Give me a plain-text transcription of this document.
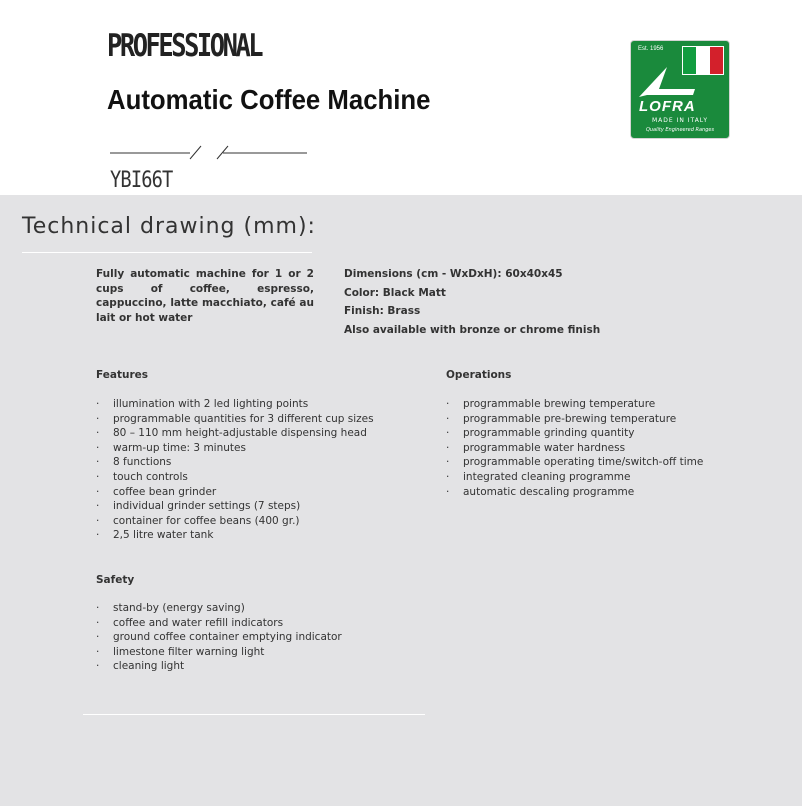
PROFESSIONAL
Automatic Coffee Machine
YBI66T
Est. 1956
LOFRA
MADE IN ITALY
Quality Engineered Ranges
Technical drawing (mm):
Fully automatic machine for 1 or 2 cups of coffee, espresso, cappuccino, latte macchiato, café au lait or hot water
Dimensions (cm - WxDxH): 60x40x45
Color: Black Matt
Finish: Brass
Also available with bronze or chrome finish
Features
· illumination with 2 led lighting points
· programmable quantities for 3 different cup sizes
· 80 – 110 mm height-adjustable dispensing head
· warm-up time: 3 minutes
· 8 functions
· touch controls
· coffee bean grinder
· individual grinder settings (7 steps)
· container for coffee beans (400 gr.)
· 2,5 litre water tank
Operations
· programmable brewing temperature
· programmable pre-brewing temperature
· programmable grinding quantity
· programmable water hardness
· programmable operating time/switch-off time
· integrated cleaning programme
· automatic descaling programme
Safety
· stand-by (energy saving)
· coffee and water refill indicators
· ground coffee container emptying indicator
· limestone filter warning light
· cleaning light
